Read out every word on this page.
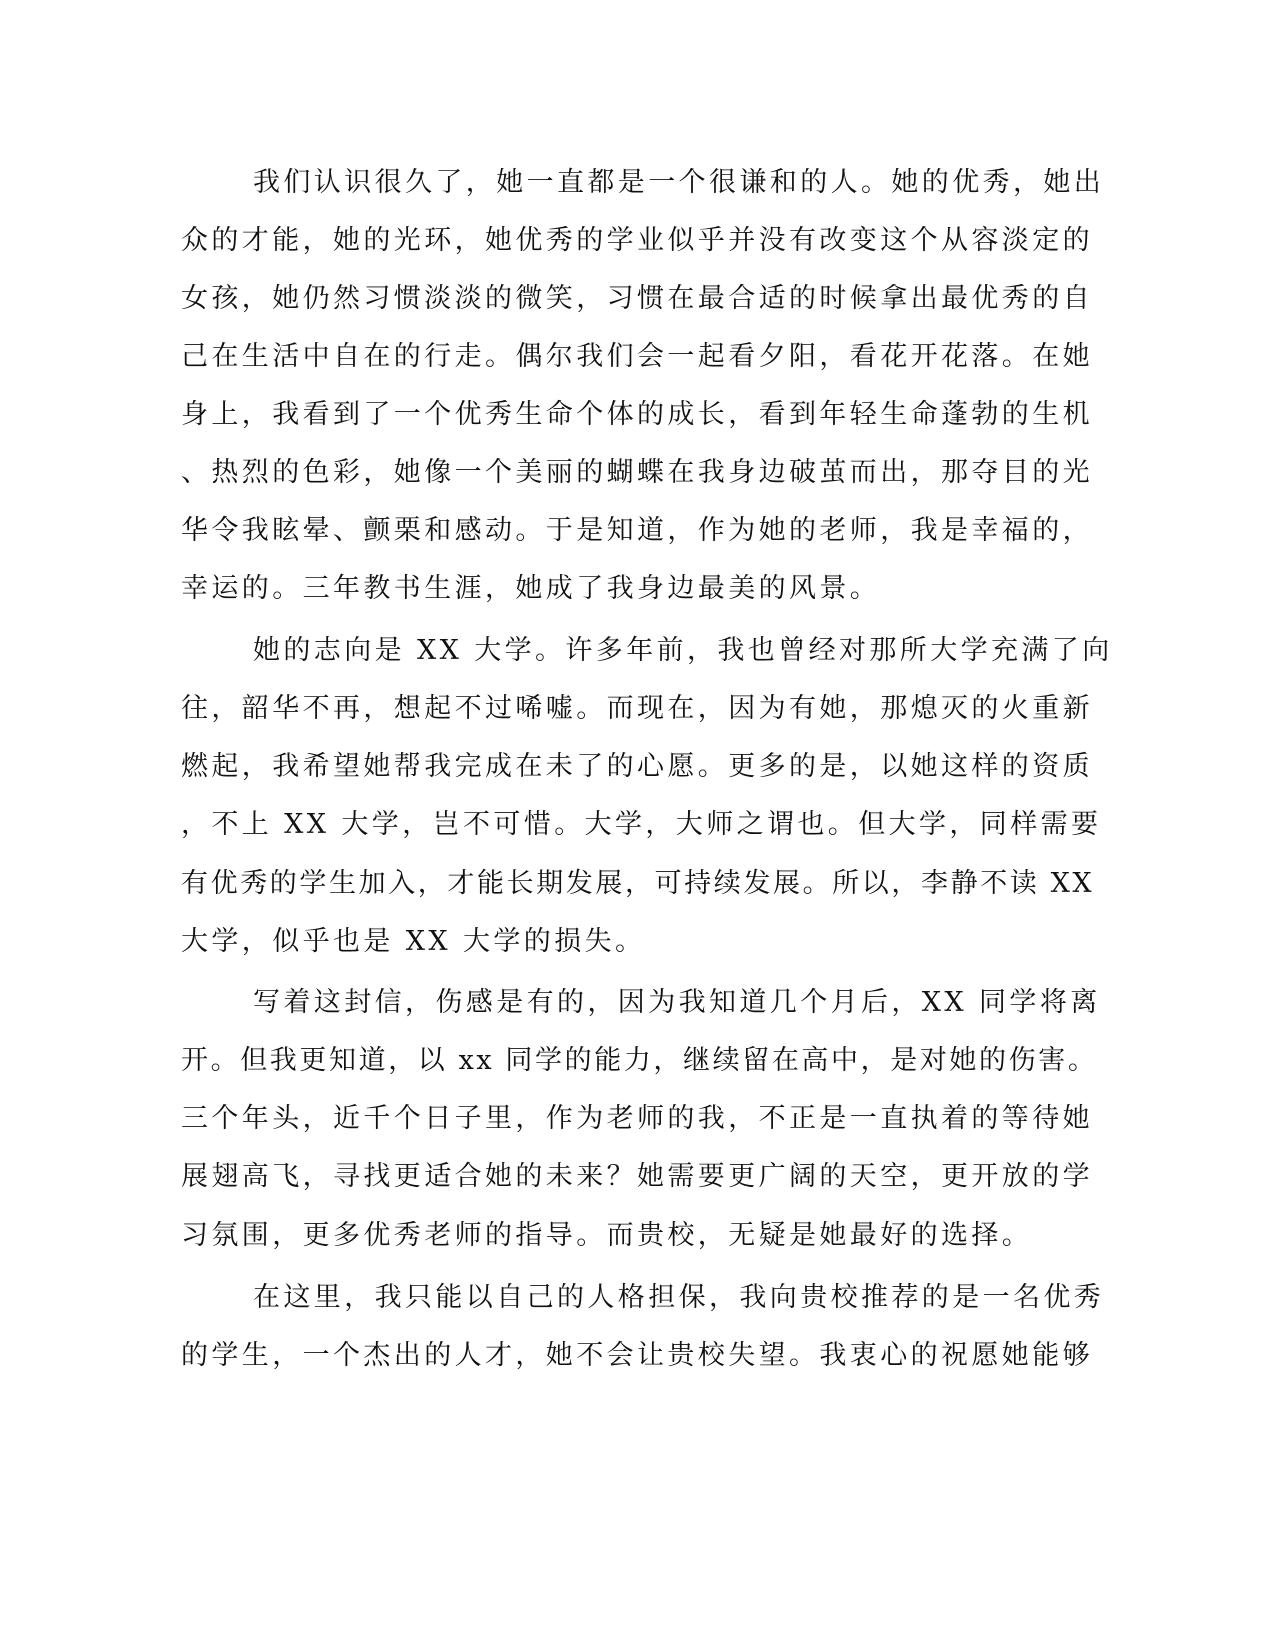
我们认识很久了，她一直都是一个很谦和的人。她的优秀，她出
众的才能，她的光环，她优秀的学业似乎并没有改变这个从容淡定的
女孩，她仍然习惯淡淡的微笑，习惯在最合适的时候拿出最优秀的自
己在生活中自在的行走。偶尔我们会一起看夕阳，看花开花落。在她
身上，我看到了一个优秀生命个体的成长，看到年轻生命蓬勃的生机
、热烈的色彩，她像一个美丽的蝴蝶在我身边破茧而出，那夺目的光
华令我眩晕、颤栗和感动。于是知道，作为她的老师，我是幸福的，
幸运的。三年教书生涯，她成了我身边最美的风景。
她的志向是 XX 大学。许多年前，我也曾经对那所大学充满了向
往，韶华不再，想起不过唏嘘。而现在，因为有她，那熄灭的火重新
燃起，我希望她帮我完成在未了的心愿。更多的是，以她这样的资质
，不上 XX 大学，岂不可惜。大学，大师之谓也。但大学，同样需要
有优秀的学生加入，才能长期发展，可持续发展。所以，李静不读 XX
大学，似乎也是 XX 大学的损失。
写着这封信，伤感是有的，因为我知道几个月后，XX 同学将离
开。但我更知道，以 xx 同学的能力，继续留在高中，是对她的伤害。
三个年头，近千个日子里，作为老师的我，不正是一直执着的等待她
展翅高飞，寻找更适合她的未来？她需要更广阔的天空，更开放的学
习氛围，更多优秀老师的指导。而贵校，无疑是她最好的选择。
在这里，我只能以自己的人格担保，我向贵校推荐的是一名优秀
的学生，一个杰出的人才，她不会让贵校失望。我衷心的祝愿她能够
